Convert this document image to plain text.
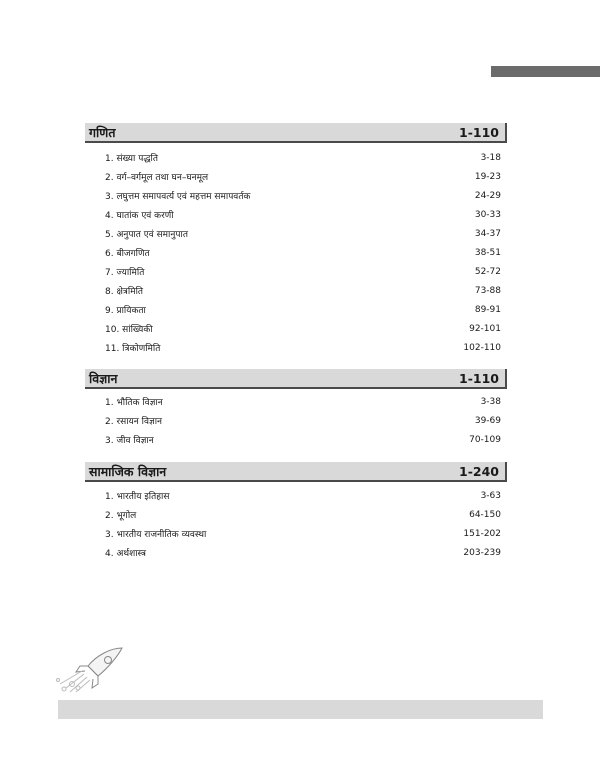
गणित	1-110
1. संख्या पद्धति	3-18
2. वर्ग–वर्गमूल तथा घन–घनमूल	19-23
3. लघुत्तम समापवर्त्य एवं महत्तम समापवर्तक	24-29
4. घातांक एवं करणी	30-33
5. अनुपात एवं समानुपात	34-37
6. बीजगणित	38-51
7. ज्यामिति	52-72
8. क्षेत्रमिति	73-88
9. प्रायिकता	89-91
10. सांख्यिकी	92-101
11. त्रिकोणमिति	102-110
विज्ञान	1-110
1. भौतिक विज्ञान	3-38
2. रसायन विज्ञान	39-69
3. जीव विज्ञान	70-109
सामाजिक विज्ञान	1-240
1. भारतीय इतिहास	3-63
2. भूगोल	64-150
3. भारतीय राजनीतिक व्यवस्था	151-202
4. अर्थशास्त्र	203-239
